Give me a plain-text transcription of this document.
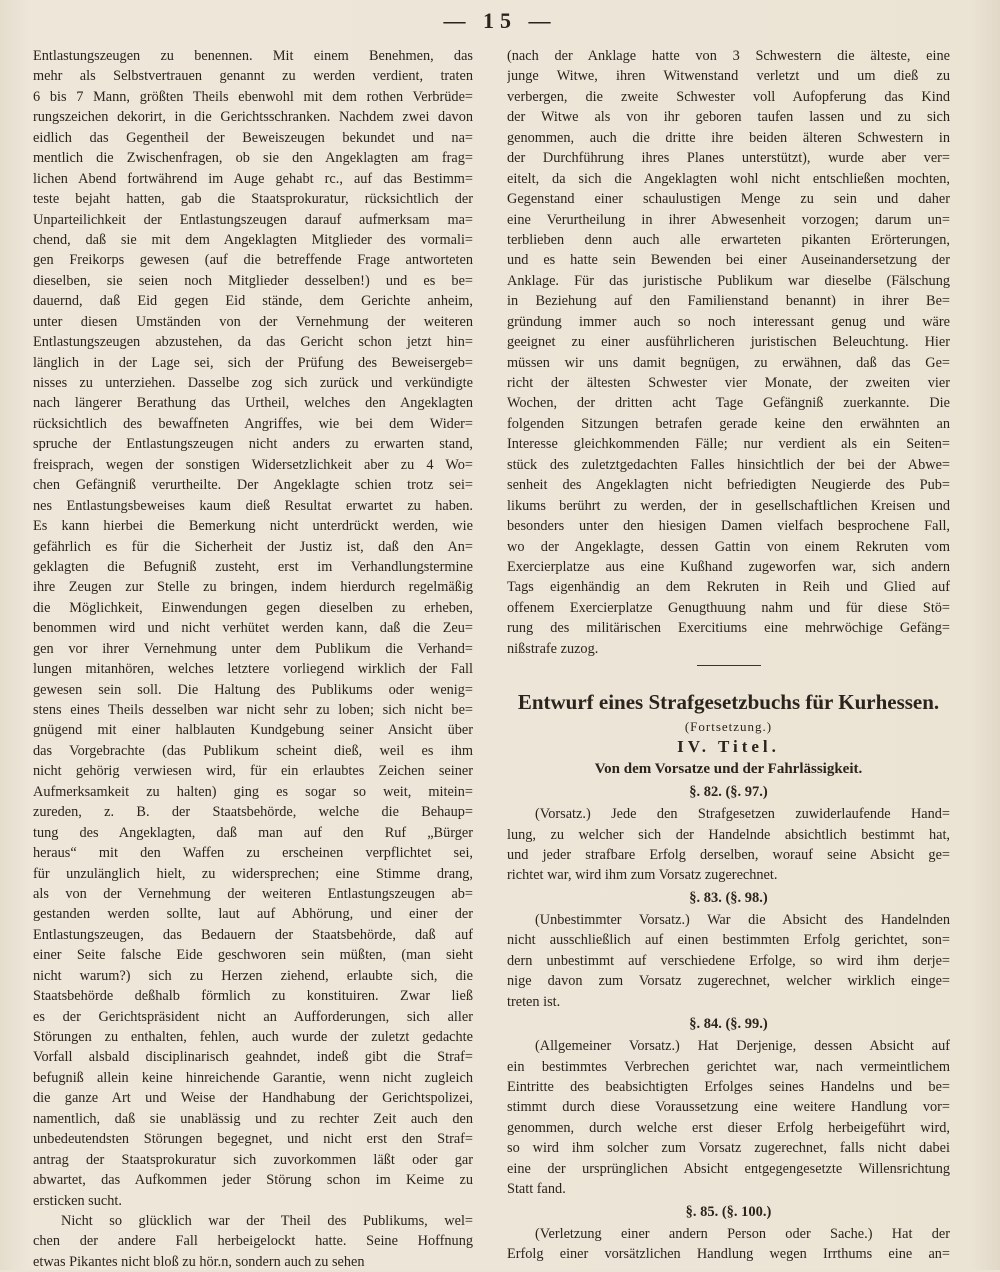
— 15 —
Entlastungszeugen zu benennen. Mit einem Benehmen, das
mehr als Selbstvertrauen genannt zu werden verdient, traten
6 bis 7 Mann, größten Theils ebenwohl mit dem rothen Verbrüde=
rungszeichen dekorirt, in die Gerichtsschranken. Nachdem zwei davon
eidlich das Gegentheil der Beweiszeugen bekundet und na=
mentlich die Zwischenfragen, ob sie den Angeklagten am frag=
lichen Abend fortwährend im Auge gehabt rc., auf das Bestimm=
teste bejaht hatten, gab die Staatsprokuratur, rücksichtlich der
Unparteilichkeit der Entlastungszeugen darauf aufmerksam ma=
chend, daß sie mit dem Angeklagten Mitglieder des vormali=
gen Freikorps gewesen (auf die betreffende Frage antworteten
dieselben, sie seien noch Mitglieder desselben!) und es be=
dauernd, daß Eid gegen Eid stände, dem Gerichte anheim,
unter diesen Umständen von der Vernehmung der weiteren
Entlastungszeugen abzustehen, da das Gericht schon jetzt hin=
länglich in der Lage sei, sich der Prüfung des Beweisergeb=
nisses zu unterziehen. Dasselbe zog sich zurück und verkündigte
nach längerer Berathung das Urtheil, welches den Angeklagten
rücksichtlich des bewaffneten Angriffes, wie bei dem Wider=
spruche der Entlastungszeugen nicht anders zu erwarten stand,
freisprach, wegen der sonstigen Widersetzlichkeit aber zu 4 Wo=
chen Gefängniß verurtheilte. Der Angeklagte schien trotz sei=
nes Entlastungsbeweises kaum dieß Resultat erwartet zu haben.
Es kann hierbei die Bemerkung nicht unterdrückt werden, wie
gefährlich es für die Sicherheit der Justiz ist, daß den An=
geklagten die Befugniß zusteht, erst im Verhandlungstermine
ihre Zeugen zur Stelle zu bringen, indem hierdurch regelmäßig
die Möglichkeit, Einwendungen gegen dieselben zu erheben,
benommen wird und nicht verhütet werden kann, daß die Zeu=
gen vor ihrer Vernehmung unter dem Publikum die Verhand=
lungen mitanhören, welches letztere vorliegend wirklich der Fall
gewesen sein soll. Die Haltung des Publikums oder wenig=
stens eines Theils desselben war nicht sehr zu loben; sich nicht be=
gnügend mit einer halblauten Kundgebung seiner Ansicht über
das Vorgebrachte (das Publikum scheint dieß, weil es ihm
nicht gehörig verwiesen wird, für ein erlaubtes Zeichen seiner
Aufmerksamkeit zu halten) ging es sogar so weit, mitein=
zureden, z. B. der Staatsbehörde, welche die Behaup=
tung des Angeklagten, daß man auf den Ruf „Bürger
heraus“ mit den Waffen zu erscheinen verpflichtet sei,
für unzulänglich hielt, zu widersprechen; eine Stimme drang,
als von der Vernehmung der weiteren Entlastungszeugen ab=
gestanden werden sollte, laut auf Abhörung, und einer der
Entlastungszeugen, das Bedauern der Staatsbehörde, daß auf
einer Seite falsche Eide geschworen sein müßten, (man sieht
nicht warum?) sich zu Herzen ziehend, erlaubte sich, die
Staatsbehörde deßhalb förmlich zu konstituiren. Zwar ließ
es der Gerichtspräsident nicht an Aufforderungen, sich aller
Störungen zu enthalten, fehlen, auch wurde der zuletzt gedachte
Vorfall alsbald disciplinarisch geahndet, indeß gibt die Straf=
befugniß allein keine hinreichende Garantie, wenn nicht zugleich
die ganze Art und Weise der Handhabung der Gerichtspolizei,
namentlich, daß sie unablässig und zu rechter Zeit auch den
unbedeutendsten Störungen begegnet, und nicht erst den Straf=
antrag der Staatsprokuratur sich zuvorkommen läßt oder gar
abwartet, das Aufkommen jeder Störung schon im Keime zu
ersticken sucht.
Nicht so glücklich war der Theil des Publikums, wel=
chen der andere Fall herbeigelockt hatte. Seine Hoffnung
etwas Pikantes nicht bloß zu hör.n, sondern auch zu sehen
(nach der Anklage hatte von 3 Schwestern die älteste, eine
junge Witwe, ihren Witwenstand verletzt und um dieß zu
verbergen, die zweite Schwester voll Aufopferung das Kind
der Witwe als von ihr geboren taufen lassen und zu sich
genommen, auch die dritte ihre beiden älteren Schwestern in
der Durchführung ihres Planes unterstützt), wurde aber ver=
eitelt, da sich die Angeklagten wohl nicht entschließen mochten,
Gegenstand einer schaulustigen Menge zu sein und daher
eine Verurtheilung in ihrer Abwesenheit vorzogen; darum un=
terblieben denn auch alle erwarteten pikanten Erörterungen,
und es hatte sein Bewenden bei einer Auseinandersetzung der
Anklage. Für das juristische Publikum war dieselbe (Fälschung
in Beziehung auf den Familienstand benannt) in ihrer Be=
gründung immer auch so noch interessant genug und wäre
geeignet zu einer ausführlicheren juristischen Beleuchtung. Hier
müssen wir uns damit begnügen, zu erwähnen, daß das Ge=
richt der ältesten Schwester vier Monate, der zweiten vier
Wochen, der dritten acht Tage Gefängniß zuerkannte. Die
folgenden Sitzungen betrafen gerade keine den erwähnten an
Interesse gleichkommenden Fälle; nur verdient als ein Seiten=
stück des zuletztgedachten Falles hinsichtlich der bei der Abwe=
senheit des Angeklagten nicht befriedigten Neugierde des Pub=
likums berührt zu werden, der in gesellschaftlichen Kreisen und
besonders unter den hiesigen Damen vielfach besprochene Fall,
wo der Angeklagte, dessen Gattin von einem Rekruten vom
Exercierplatze aus eine Kußhand zugeworfen war, sich andern
Tags eigenhändig an dem Rekruten in Reih und Glied auf
offenem Exercierplatze Genugthuung nahm und für diese Stö=
rung des militärischen Exercitiums eine mehrwöchige Gefäng=
nißstrafe zuzog.
Entwurf eines Strafgesetzbuchs für Kurhessen.
(Fortsetzung.)
IV. Titel.
Von dem Vorsatze und der Fahrlässigkeit.
§. 82. (§. 97.)
(Vorsatz.) Jede den Strafgesetzen zuwiderlaufende Hand=
lung, zu welcher sich der Handelnde absichtlich bestimmt hat,
und jeder strafbare Erfolg derselben, worauf seine Absicht ge=
richtet war, wird ihm zum Vorsatz zugerechnet.
§. 83. (§. 98.)
(Unbestimmter Vorsatz.) War die Absicht des Handelnden
nicht ausschließlich auf einen bestimmten Erfolg gerichtet, son=
dern unbestimmt auf verschiedene Erfolge, so wird ihm derje=
nige davon zum Vorsatz zugerechnet, welcher wirklich einge=
treten ist.
§. 84. (§. 99.)
(Allgemeiner Vorsatz.) Hat Derjenige, dessen Absicht auf
ein bestimmtes Verbrechen gerichtet war, nach vermeintlichem
Eintritte des beabsichtigten Erfolges seines Handelns und be=
stimmt durch diese Voraussetzung eine weitere Handlung vor=
genommen, durch welche erst dieser Erfolg herbeigeführt wird,
so wird ihm solcher zum Vorsatz zugerechnet, falls nicht dabei
eine der ursprünglichen Absicht entgegengesetzte Willensrichtung
Statt fand.
§. 85. (§. 100.)
(Verletzung einer andern Person oder Sache.) Hat der
Erfolg einer vorsätzlichen Handlung wegen Irrthums eine an=
